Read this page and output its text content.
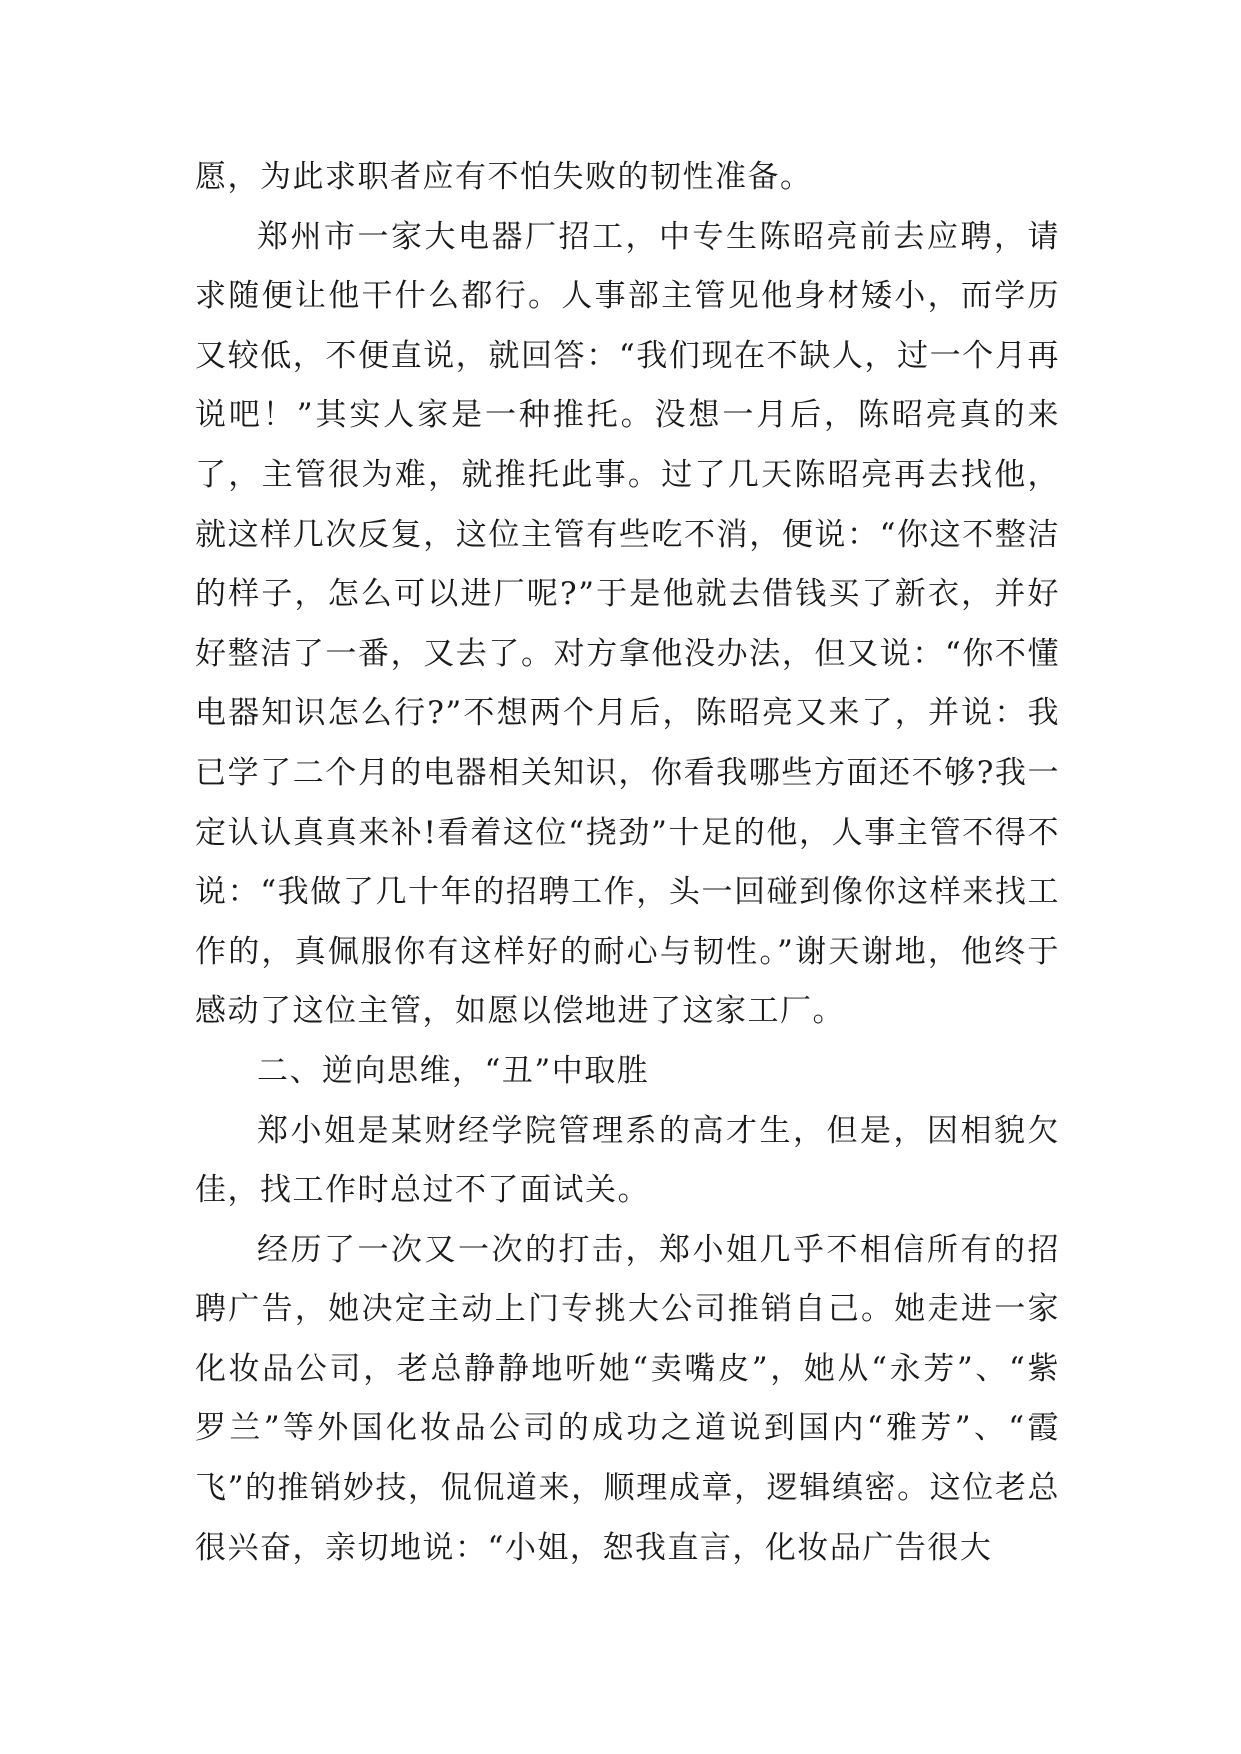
愿，为此求职者应有不怕失败的韧性准备。

郑州市一家大电器厂招工，中专生陈昭亮前去应聘，请求随便让他干什么都行。人事部主管见他身材矮小，而学历又较低，不便直说，就回答：“我们现在不缺人，过一个月再说吧！”其实人家是一种推托。没想一月后，陈昭亮真的来了，主管很为难，就推托此事。过了几天陈昭亮再去找他，就这样几次反复，这位主管有些吃不消，便说：“你这不整洁的样子，怎么可以进厂呢?”于是他就去借钱买了新衣，并好好整洁了一番，又去了。对方拿他没办法，但又说：“你不懂电器知识怎么行?”不想两个月后，陈昭亮又来了，并说：我已学了二个月的电器相关知识，你看我哪些方面还不够?我一定认认真真来补!看着这位“挠劲”十足的他，人事主管不得不说：“我做了几十年的招聘工作，头一回碰到像你这样来找工作的，真佩服你有这样好的耐心与韧性。”谢天谢地，他终于感动了这位主管，如愿以偿地进了这家工厂。

二、逆向思维，“丑”中取胜

郑小姐是某财经学院管理系的高才生，但是，因相貌欠佳，找工作时总过不了面试关。

经历了一次又一次的打击，郑小姐几乎不相信所有的招聘广告，她决定主动上门专挑大公司推销自己。她走进一家化妆品公司，老总静静地听她“卖嘴皮”，她从“永芳”、“紫罗兰”等外国化妆品公司的成功之道说到国内“雅芳”、“霞飞”的推销妙技，侃侃道来，顺理成章，逻辑缜密。这位老总很兴奋，亲切地说：“小姐，恕我直言，化妆品广告很大
